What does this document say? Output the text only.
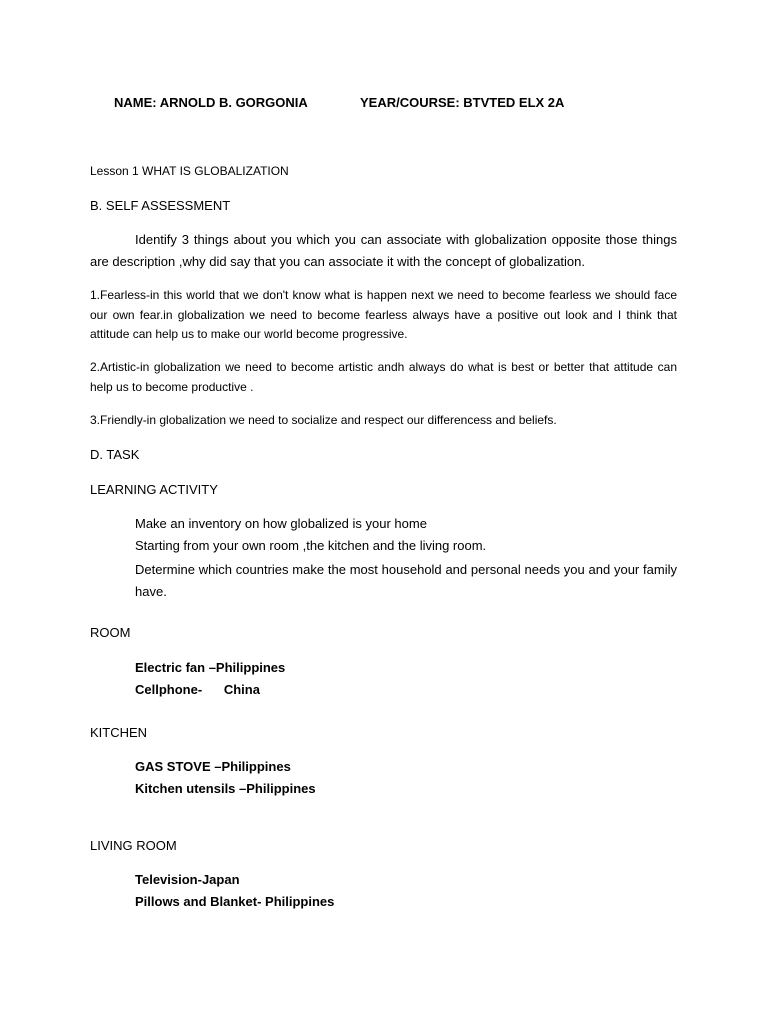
NAME: ARNOLD B. GORGONIA	YEAR/COURSE: BTVTED ELX 2A
Lesson 1 WHAT IS GLOBALIZATION
B. SELF ASSESSMENT
Identify 3 things about you which you can associate with globalization opposite those things are description ,why did say that you can associate it with the concept of globalization.
1.Fearless-in this world that we don't know what is happen next we need to become fearless we should face our own fear.in globalization we need to become fearless always have a positive out look and I think that attitude can help us to make our world become progressive.
2.Artistic-in globalization we need to become artistic andh always do what is best or better that attitude can help us to become productive .
3.Friendly-in globalization we need to socialize and respect our differencess and beliefs.
D. TASK
LEARNING ACTIVITY
Make an inventory on how globalized is your home
Starting from your own room ,the kitchen and the living room.
Determine which countries make the most household and personal needs you and your family have.
ROOM
Electric fan –Philippines
Cellphone-      China
KITCHEN
GAS STOVE –Philippines
Kitchen utensils –Philippines
LIVING ROOM
Television-Japan
Pillows and Blanket- Philippines
